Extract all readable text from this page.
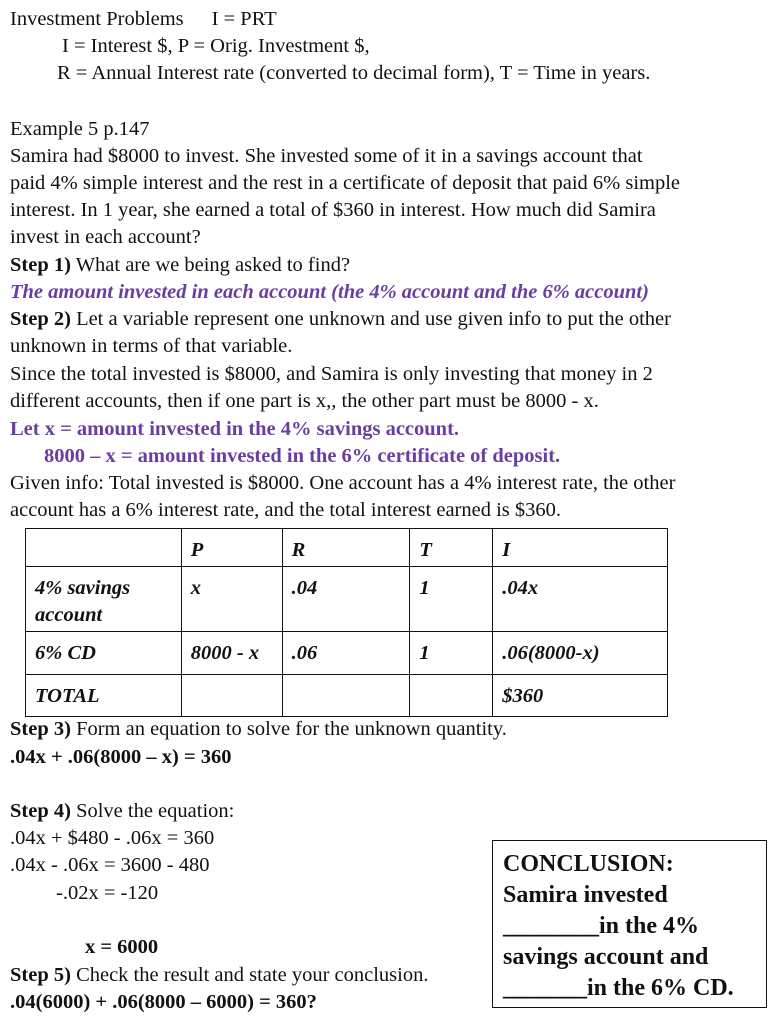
Investment Problems I = PRT
I = Interest $, P = Orig. Investment $,
R = Annual Interest rate (converted to decimal form), T = Time in years.
Example 5 p.147
Samira had $8000 to invest. She invested some of it in a savings account that
paid 4% simple interest and the rest in a certificate of deposit that paid 6% simple
interest. In 1 year, she earned a total of $360 in interest. How much did Samira
invest in each account?
Step 1) What are we being asked to find?
The amount invested in each account (the 4% account and the 6% account)
Step 2) Let a variable represent one unknown and use given info to put the other
unknown in terms of that variable.
Since the total invested is $8000, and Samira is only investing that money in 2
different accounts, then if one part is x,, the other part must be 8000 - x.
Let x = amount invested in the 4% savings account.
8000 – x = amount invested in the 6% certificate of deposit.
Given info: Total invested is $8000. One account has a 4% interest rate, the other
account has a 6% interest rate, and the total interest earned is $360.
	P	R	T	I
4% savings account	x	.04	1	.04x
6% CD	8000 - x	.06	1	.06(8000-x)
TOTAL				$360
Step 3) Form an equation to solve for the unknown quantity.
.04x + .06(8000 – x) = 360
Step 4) Solve the equation:
.04x + $480 - .06x = 360
.04x - .06x = 3600 - 480
-.02x = -120
x = 6000
Step 5) Check the result and state your conclusion.
.04(6000) + .06(8000 – 6000) = 360?
CONCLUSION:
Samira invested
________in the 4%
savings account and
_______in the 6% CD.
